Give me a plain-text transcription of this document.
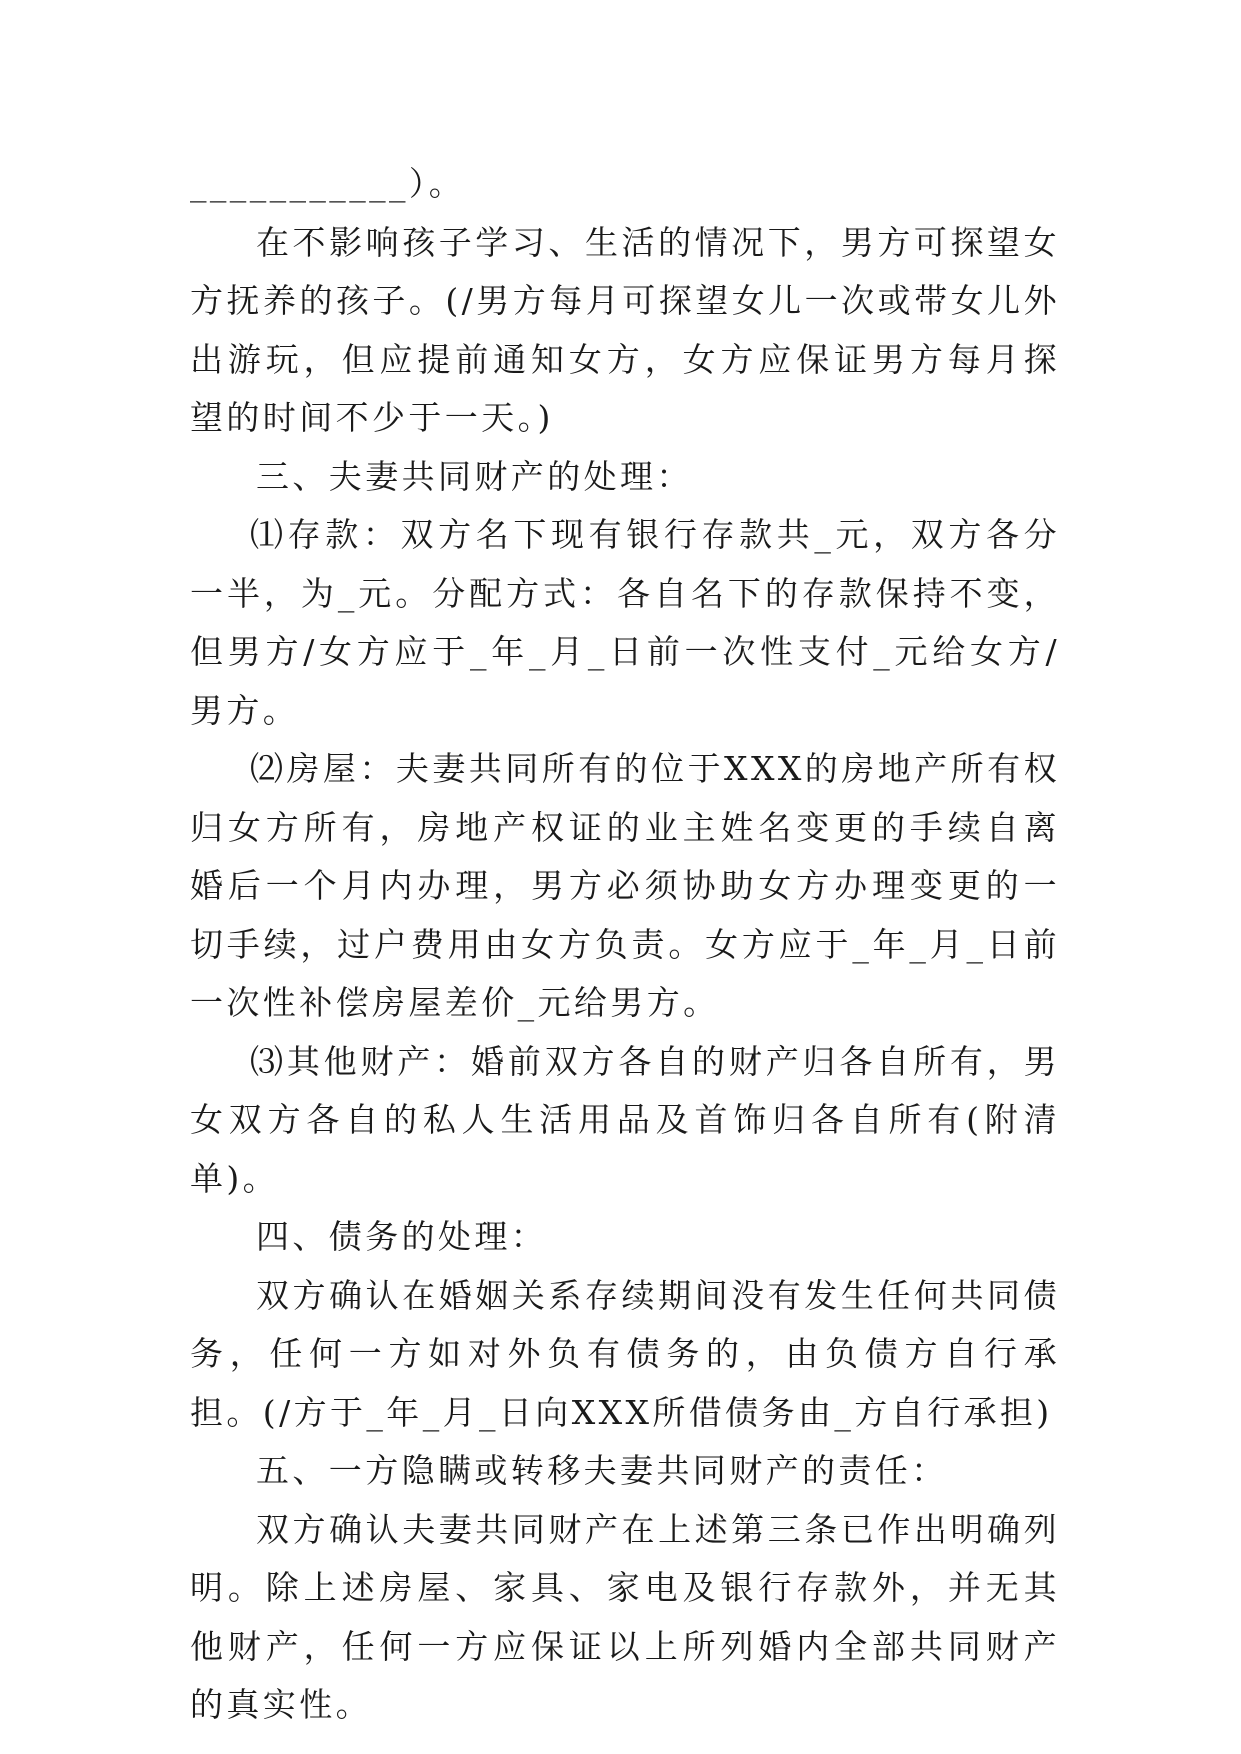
___________）。

在不影响孩子学习、生活的情况下，男方可探望女方抚养的孩子。(/男方每月可探望女儿一次或带女儿外出游玩，但应提前通知女方，女方应保证男方每月探望的时间不少于一天。)

三、夫妻共同财产的处理：

⑴存款：双方名下现有银行存款共_元，双方各分一半，为_元。分配方式：各自名下的存款保持不变，但男方/女方应于_年_月_日前一次性支付_元给女方/男方。

⑵房屋：夫妻共同所有的位于XXX的房地产所有权归女方所有，房地产权证的业主姓名变更的手续自离婚后一个月内办理，男方必须协助女方办理变更的一切手续，过户费用由女方负责。女方应于_年_月_日前一次性补偿房屋差价_元给男方。

⑶其他财产：婚前双方各自的财产归各自所有，男女双方各自的私人生活用品及首饰归各自所有(附清单)。

四、债务的处理：

双方确认在婚姻关系存续期间没有发生任何共同债务，任何一方如对外负有债务的，由负债方自行承担。(/方于_年_月_日向XXX所借债务由_方自行承担)

五、一方隐瞒或转移夫妻共同财产的责任：

双方确认夫妻共同财产在上述第三条已作出明确列明。除上述房屋、家具、家电及银行存款外，并无其他财产，任何一方应保证以上所列婚内全部共同财产的真实性。
